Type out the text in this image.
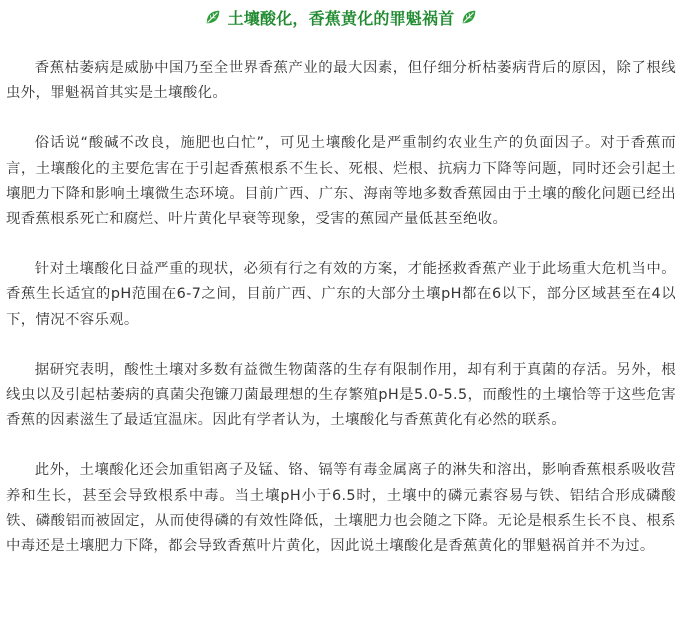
土壤酸化，香蕉黄化的罪魁祸首

香蕉枯萎病是威胁中国乃至全世界香蕉产业的最大因素，但仔细分析枯萎病背后的原因，除了根线虫外，罪魁祸首其实是土壤酸化。

俗话说“酸碱不改良，施肥也白忙”，可见土壤酸化是严重制约农业生产的负面因子。对于香蕉而言，土壤酸化的主要危害在于引起香蕉根系不生长、死根、烂根、抗病力下降等问题，同时还会引起土壤肥力下降和影响土壤微生态环境。目前广西、广东、海南等地多数香蕉园由于土壤的酸化问题已经出现香蕉根系死亡和腐烂、叶片黄化早衰等现象，受害的蕉园产量低甚至绝收。

针对土壤酸化日益严重的现状，必须有行之有效的方案，才能拯救香蕉产业于此场重大危机当中。香蕉生长适宜的pH范围在6-7之间，目前广西、广东的大部分土壤pH都在6以下，部分区域甚至在4以下，情况不容乐观。

据研究表明，酸性土壤对多数有益微生物菌落的生存有限制作用，却有利于真菌的存活。另外，根线虫以及引起枯萎病的真菌尖孢镰刀菌最理想的生存繁殖pH是5.0-5.5，而酸性的土壤恰等于这些危害香蕉的因素滋生了最适宜温床。因此有学者认为，土壤酸化与香蕉黄化有必然的联系。

此外，土壤酸化还会加重铝离子及锰、铬、镉等有毒金属离子的淋失和溶出，影响香蕉根系吸收营养和生长，甚至会导致根系中毒。当土壤pH小于6.5时，土壤中的磷元素容易与铁、铝结合形成磷酸铁、磷酸铝而被固定，从而使得磷的有效性降低，土壤肥力也会随之下降。无论是根系生长不良、根系中毒还是土壤肥力下降，都会导致香蕉叶片黄化，因此说土壤酸化是香蕉黄化的罪魁祸首并不为过。
